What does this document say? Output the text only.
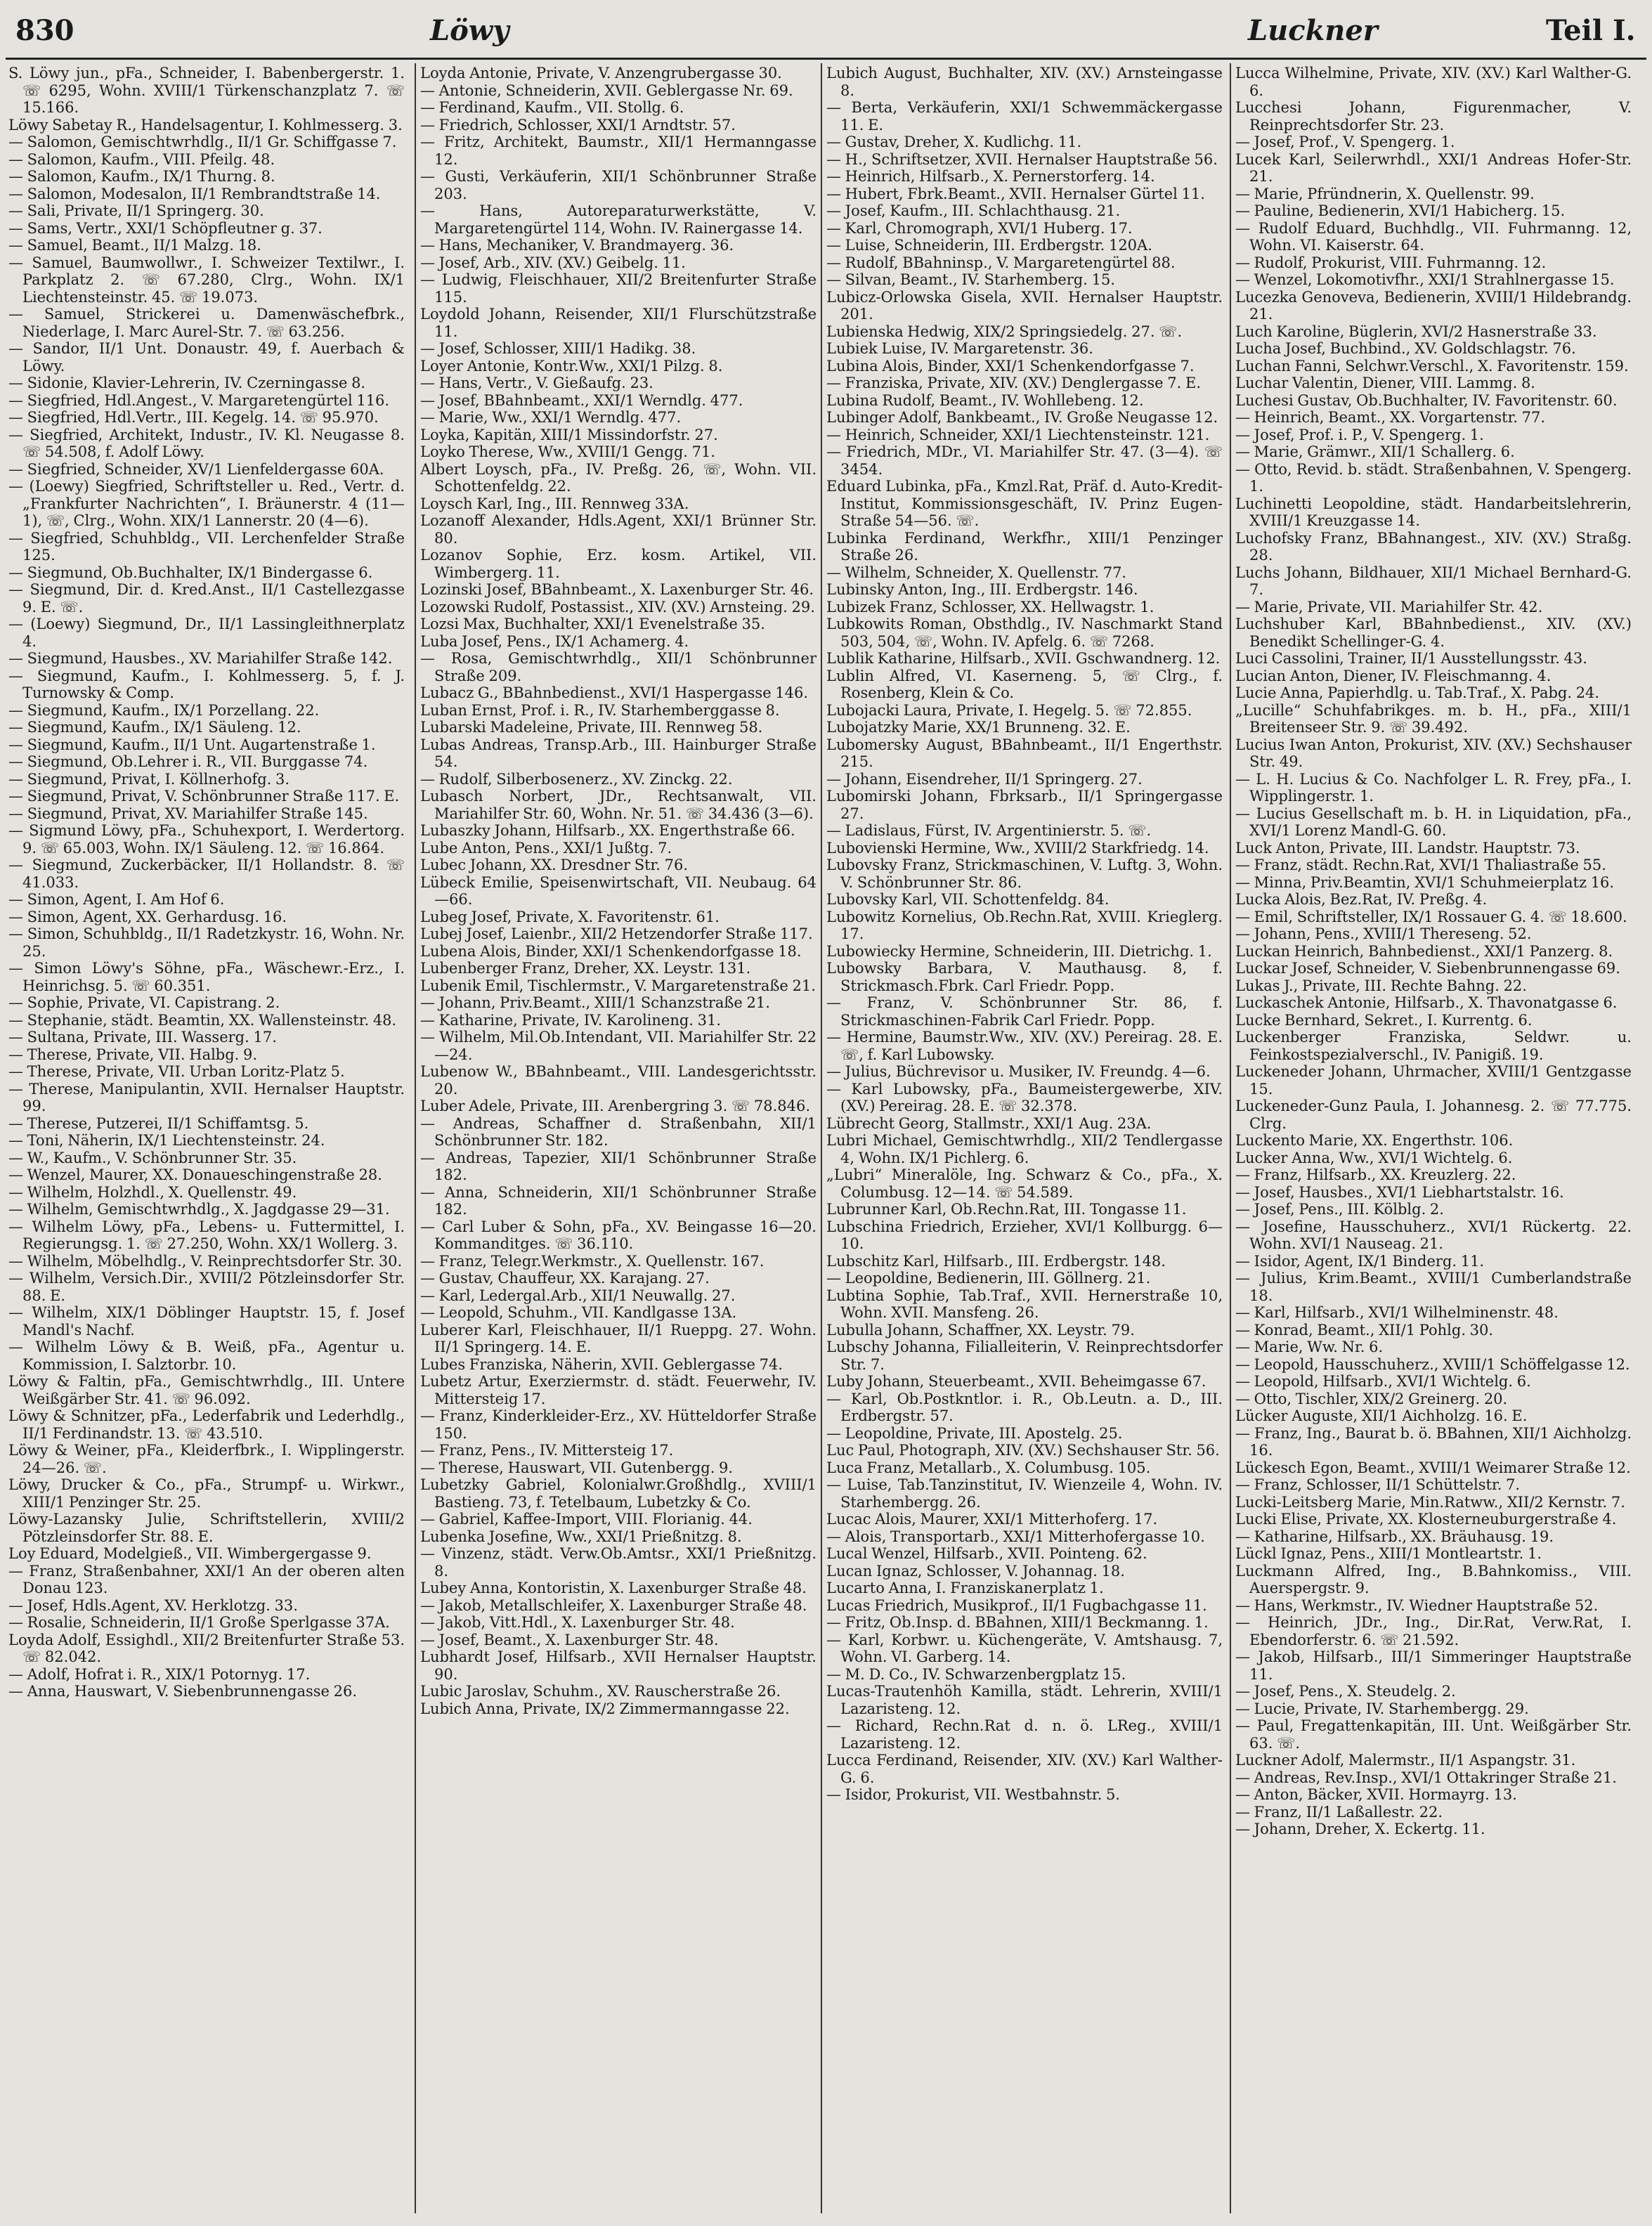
830	Löwy	Luckner	Teil I.

S. Löwy jun., pFa., Schneider, I. Babenbergerstr. 1. ☏ 6295, Wohn. XVIII/1 Türkenschanzplatz 7. ☏ 15.166.

Löwy Sabetay R., Handelsagentur, I. Kohlmesserg. 3.

— Salomon, Gemischtwrhdlg., II/1 Gr. Schiffgasse 7.

— Salomon, Kaufm., VIII. Pfeilg. 48.

— Salomon, Kaufm., IX/1 Thurng. 8.

— Salomon, Modesalon, II/1 Rembrandtstraße 14.

— Sali, Private, II/1 Springerg. 30.

— Sams, Vertr., XXI/1 Schöpfleutner g. 37.

— Samuel, Beamt., II/1 Malzg. 18.

— Samuel, Baumwollwr., I. Schweizer Textilwr., I. Parkplatz 2. ☏ 67.280, Clrg., Wohn. IX/1 Liechtensteinstr. 45. ☏ 19.073.

— Samuel, Strickerei u. Damenwäschefbrk., Niederlage, I. Marc Aurel-Str. 7. ☏ 63.256.

— Sandor, II/1 Unt. Donaustr. 49, f. Auerbach & Löwy.

— Sidonie, Klavier-Lehrerin, IV. Czerningasse 8.

— Siegfried, Hdl.Angest., V. Margaretengürtel 116.

— Siegfried, Hdl.Vertr., III. Kegelg. 14. ☏ 95.970.

— Siegfried, Architekt, Industr., IV. Kl. Neugasse 8. ☏ 54.508, f. Adolf Löwy.

— Siegfried, Schneider, XV/1 Lienfeldergasse 60A.

— (Loewy) Siegfried, Schriftsteller u. Red., Vertr. d. „Frankfurter Nachrichten“, I. Bräunerstr. 4 (11—1), ☏, Clrg., Wohn. XIX/1 Lannerstr. 20 (4—6).

— Siegfried, Schuhbldg., VII. Lerchenfelder Straße 125.

— Siegmund, Ob.Buchhalter, IX/1 Bindergasse 6.

— Siegmund, Dir. d. Kred.Anst., II/1 Castellezgasse 9. E. ☏.

— (Loewy) Siegmund, Dr., II/1 Lassingleithnerplatz 4.

— Siegmund, Hausbes., XV. Mariahilfer Straße 142.

— Siegmund, Kaufm., I. Kohlmesserg. 5, f. J. Turnowsky & Comp.

— Siegmund, Kaufm., IX/1 Porzellang. 22.

— Siegmund, Kaufm., IX/1 Säuleng. 12.

— Siegmund, Kaufm., II/1 Unt. Augartenstraße 1.

— Siegmund, Ob.Lehrer i. R., VII. Burggasse 74.

— Siegmund, Privat, I. Köllnerhofg. 3.

— Siegmund, Privat, V. Schönbrunner Straße 117. E.

— Siegmund, Privat, XV. Mariahilfer Straße 145.

— Sigmund Löwy, pFa., Schuhexport, I. Werdertorg. 9. ☏ 65.003, Wohn. IX/1 Säuleng. 12. ☏ 16.864.

— Siegmund, Zuckerbäcker, II/1 Hollandstr. 8. ☏ 41.033.

— Simon, Agent, I. Am Hof 6.

— Simon, Agent, XX. Gerhardusg. 16.

— Simon, Schuhbldg., II/1 Radetzkystr. 16, Wohn. Nr. 25.

— Simon Löwy's Söhne, pFa., Wäschewr.-Erz., I. Heinrichsg. 5. ☏ 60.351.

— Sophie, Private, VI. Capistrang. 2.

— Stephanie, städt. Beamtin, XX. Wallensteinstr. 48.

— Sultana, Private, III. Wasserg. 17.

— Therese, Private, VII. Halbg. 9.

— Therese, Private, VII. Urban Loritz-Platz 5.

— Therese, Manipulantin, XVII. Hernalser Hauptstr. 99.

— Therese, Putzerei, II/1 Schiffamtsg. 5.

— Toni, Näherin, IX/1 Liechtensteinstr. 24.

— W., Kaufm., V. Schönbrunner Str. 35.

— Wenzel, Maurer, XX. Donaueschingenstraße 28.

— Wilhelm, Holzhdl., X. Quellenstr. 49.

— Wilhelm, Gemischtwrhdlg., X. Jagdgasse 29—31.

— Wilhelm Löwy, pFa., Lebens- u. Futtermittel, I. Regierungsg. 1. ☏ 27.250, Wohn. XX/1 Wollerg. 3.

— Wilhelm, Möbelhdlg., V. Reinprechtsdorfer Str. 30.

— Wilhelm, Versich.Dir., XVIII/2 Pötzleinsdorfer Str. 88. E.

— Wilhelm, XIX/1 Döblinger Hauptstr. 15, f. Josef Mandl's Nachf.

— Wilhelm Löwy & B. Weiß, pFa., Agentur u. Kommission, I. Salztorbr. 10.

Löwy & Faltin, pFa., Gemischtwrhdlg., III. Untere Weißgärber Str. 41. ☏ 96.092.

Löwy & Schnitzer, pFa., Lederfabrik und Lederhdlg., II/1 Ferdinandstr. 13. ☏ 43.510.

Löwy & Weiner, pFa., Kleiderfbrk., I. Wipplingerstr. 24—26. ☏.

Löwy, Drucker & Co., pFa., Strumpf- u. Wirkwr., XIII/1 Penzinger Str. 25.

Löwy-Lazansky Julie, Schriftstellerin, XVIII/2 Pötzleinsdorfer Str. 88. E.

Loy Eduard, Modelgieß., VII. Wimbergergasse 9.

— Franz, Straßenbahner, XXI/1 An der oberen alten Donau 123.

— Josef, Hdls.Agent, XV. Herklotzg. 33.

— Rosalie, Schneiderin, II/1 Große Sperlgasse 37A.

Loyda Adolf, Essighdl., XII/2 Breitenfurter Straße 53. ☏ 82.042.

— Adolf, Hofrat i. R., XIX/1 Potornyg. 17.

— Anna, Hauswart, V. Siebenbrunnengasse 26.

Loyda Antonie, Private, V. Anzengrubergasse 30.

— Antonie, Schneiderin, XVII. Geblergasse Nr. 69.

— Ferdinand, Kaufm., VII. Stollg. 6.

— Friedrich, Schlosser, XXI/1 Arndtstr. 57.

— Fritz, Architekt, Baumstr., XII/1 Hermanngasse 12.

— Gusti, Verkäuferin, XII/1 Schönbrunner Straße 203.

— Hans, Autoreparaturwerkstätte, V. Margaretengürtel 114, Wohn. IV. Rainergasse 14.

— Hans, Mechaniker, V. Brandmayerg. 36.

— Josef, Arb., XIV. (XV.) Geibelg. 11.

— Ludwig, Fleischhauer, XII/2 Breitenfurter Straße 115.

Loydold Johann, Reisender, XII/1 Flurschützstraße 11.

— Josef, Schlosser, XIII/1 Hadikg. 38.

Loyer Antonie, Kontr.Ww., XXI/1 Pilzg. 8.

— Hans, Vertr., V. Gießaufg. 23.

— Josef, BBahnbeamt., XXI/1 Werndlg. 477.

— Marie, Ww., XXI/1 Werndlg. 477.

Loyka, Kapitän, XIII/1 Missindorfstr. 27.

Loyko Therese, Ww., XVIII/1 Gengg. 71.

Albert Loysch, pFa., IV. Preßg. 26, ☏, Wohn. VII. Schottenfeldg. 22.

Loysch Karl, Ing., III. Rennweg 33A.

Lozanoff Alexander, Hdls.Agent, XXI/1 Brünner Str. 80.

Lozanov Sophie, Erz. kosm. Artikel, VII. Wimbergerg. 11.

Lozinski Josef, BBahnbeamt., X. Laxenburger Str. 46.

Lozowski Rudolf, Postassist., XIV. (XV.) Arnsteing. 29.

Lozsi Max, Buchhalter, XXI/1 Evenelstraße 35.

Luba Josef, Pens., IX/1 Achamerg. 4.

— Rosa, Gemischtwrhdlg., XII/1 Schönbrunner Straße 209.

Lubacz G., BBahnbedienst., XVI/1 Haspergasse 146.

Luban Ernst, Prof. i. R., IV. Starhemberggasse 8.

Lubarski Madeleine, Private, III. Rennweg 58.

Lubas Andreas, Transp.Arb., III. Hainburger Straße 54.

— Rudolf, Silberbosenerz., XV. Zinckg. 22.

Lubasch Norbert, JDr., Rechtsanwalt, VII. Mariahilfer Str. 60, Wohn. Nr. 51. ☏ 34.436 (3—6).

Lubaszky Johann, Hilfsarb., XX. Engerthstraße 66.

Lube Anton, Pens., XXI/1 Jußtg. 7.

Lubec Johann, XX. Dresdner Str. 76.

Lübeck Emilie, Speisenwirtschaft, VII. Neubaug. 64—66.

Lubeg Josef, Private, X. Favoritenstr. 61.

Lubej Josef, Laienbr., XII/2 Hetzendorfer Straße 117.

Lubena Alois, Binder, XXI/1 Schenkendorfgasse 18.

Lubenberger Franz, Dreher, XX. Leystr. 131.

Lubenik Emil, Tischlermstr., V. Margaretenstraße 21.

— Johann, Priv.Beamt., XIII/1 Schanzstraße 21.

— Katharine, Private, IV. Karolineng. 31.

— Wilhelm, Mil.Ob.Intendant, VII. Mariahilfer Str. 22—24.

Lubenow W., BBahnbeamt., VIII. Landesgerichtsstr. 20.

Luber Adele, Private, III. Arenbergring 3. ☏ 78.846.

— Andreas, Schaffner d. Straßenbahn, XII/1 Schönbrunner Str. 182.

— Andreas, Tapezier, XII/1 Schönbrunner Straße 182.

— Anna, Schneiderin, XII/1 Schönbrunner Straße 182.

— Carl Luber & Sohn, pFa., XV. Beingasse 16—20. Kommanditges. ☏ 36.110.

— Franz, Telegr.Werkmstr., X. Quellenstr. 167.

— Gustav, Chauffeur, XX. Karajang. 27.

— Karl, Ledergal.Arb., XII/1 Neuwallg. 27.

— Leopold, Schuhm., VII. Kandlgasse 13A.

Luberer Karl, Fleischhauer, II/1 Rueppg. 27. Wohn. II/1 Springerg. 14. E.

Lubes Franziska, Näherin, XVII. Geblergasse 74.

Lubetz Artur, Exerziermstr. d. städt. Feuerwehr, IV. Mittersteig 17.

— Franz, Kinderkleider-Erz., XV. Hütteldorfer Straße 150.

— Franz, Pens., IV. Mittersteig 17.

— Therese, Hauswart, VII. Gutenbergg. 9.

Lubetzky Gabriel, Kolonialwr.Großhdlg., XVIII/1 Bastieng. 73, f. Tetelbaum, Lubetzky & Co.

— Gabriel, Kaffee-Import, VIII. Florianig. 44.

Lubenka Josefine, Ww., XXI/1 Prießnitzg. 8.

— Vinzenz, städt. Verw.Ob.Amtsr., XXI/1 Prießnitzg. 8.

Lubey Anna, Kontoristin, X. Laxenburger Straße 48.

— Jakob, Metallschleifer, X. Laxenburger Straße 48.

— Jakob, Vitt.Hdl., X. Laxenburger Str. 48.

— Josef, Beamt., X. Laxenburger Str. 48.

Lubhardt Josef, Hilfsarb., XVII Hernalser Hauptstr. 90.

Lubic Jaroslav, Schuhm., XV. Rauscherstraße 26.

Lubich Anna, Private, IX/2 Zimmermanngasse 22.

Lubich August, Buchhalter, XIV. (XV.) Arnsteingasse 8.

— Berta, Verkäuferin, XXI/1 Schwemmäckergasse 11. E.

— Gustav, Dreher, X. Kudlichg. 11.

— H., Schriftsetzer, XVII. Hernalser Hauptstraße 56.

— Heinrich, Hilfsarb., X. Pernerstorferg. 14.

— Hubert, Fbrk.Beamt., XVII. Hernalser Gürtel 11.

— Josef, Kaufm., III. Schlachthausg. 21.

— Karl, Chromograph, XVI/1 Huberg. 17.

— Luise, Schneiderin, III. Erdbergstr. 120A.

— Rudolf, BBahninsp., V. Margaretengürtel 88.

— Silvan, Beamt., IV. Starhemberg. 15.

Lubicz-Orlowska Gisela, XVII. Hernalser Hauptstr. 201.

Lubienska Hedwig, XIX/2 Springsiedelg. 27. ☏.

Lubiek Luise, IV. Margaretenstr. 36.

Lubina Alois, Binder, XXI/1 Schenkendorfgasse 7.

— Franziska, Private, XIV. (XV.) Denglergasse 7. E.

Lubina Rudolf, Beamt., IV. Wohllebeng. 12.

Lubinger Adolf, Bankbeamt., IV. Große Neugasse 12.

— Heinrich, Schneider, XXI/1 Liechtensteinstr. 121.

— Friedrich, MDr., VI. Mariahilfer Str. 47. (3—4). ☏ 3454.

Eduard Lubinka, pFa., Kmzl.Rat, Präf. d. Auto-Kredit-Institut, Kommissionsgeschäft, IV. Prinz Eugen-Straße 54—56. ☏.

Lubinka Ferdinand, Werkfhr., XIII/1 Penzinger Straße 26.

— Wilhelm, Schneider, X. Quellenstr. 77.

Lubinsky Anton, Ing., III. Erdbergstr. 146.

Lubizek Franz, Schlosser, XX. Hellwagstr. 1.

Lubkowits Roman, Obsthdlg., IV. Naschmarkt Stand 503, 504, ☏, Wohn. IV. Apfelg. 6. ☏ 7268.

Lublik Katharine, Hilfsarb., XVII. Gschwandnerg. 12.

Lublin Alfred, VI. Kaserneng. 5, ☏ Clrg., f. Rosenberg, Klein & Co.

Lubojacki Laura, Private, I. Hegelg. 5. ☏ 72.855.

Lubojatzky Marie, XX/1 Brunneng. 32. E.

Lubomersky August, BBahnbeamt., II/1 Engerthstr. 215.

— Johann, Eisendreher, II/1 Springerg. 27.

Lubomirski Johann, Fbrksarb., II/1 Springergasse 27.

— Ladislaus, Fürst, IV. Argentinierstr. 5. ☏.

Lubovienski Hermine, Ww., XVIII/2 Starkfriedg. 14.

Lubovsky Franz, Strickmaschinen, V. Luftg. 3, Wohn. V. Schönbrunner Str. 86.

Lubovsky Karl, VII. Schottenfeldg. 84.

Lubowitz Kornelius, Ob.Rechn.Rat, XVIII. Krieglerg. 17.

Lubowiecky Hermine, Schneiderin, III. Dietrichg. 1.

Lubowsky Barbara, V. Mauthausg. 8, f. Strickmasch.Fbrk. Carl Friedr. Popp.

— Franz, V. Schönbrunner Str. 86, f. Strickmaschinen-Fabrik Carl Friedr. Popp.

— Hermine, Baumstr.Ww., XIV. (XV.) Pereirag. 28. E. ☏, f. Karl Lubowsky.

— Julius, Büchrevisor u. Musiker, IV. Freundg. 4—6.

— Karl Lubowsky, pFa., Baumeistergewerbe, XIV. (XV.) Pereirag. 28. E. ☏ 32.378.

Lübrecht Georg, Stallmstr., XXI/1 Aug. 23A.

Lubri Michael, Gemischtwrhdlg., XII/2 Tendlergasse 4, Wohn. IX/1 Pichlerg. 6.

„Lubri“ Mineralöle, Ing. Schwarz & Co., pFa., X. Columbusg. 12—14. ☏ 54.589.

Lubrunner Karl, Ob.Rechn.Rat, III. Tongasse 11.

Lubschina Friedrich, Erzieher, XVI/1 Kollburgg. 6—10.

Lubschitz Karl, Hilfsarb., III. Erdbergstr. 148.

— Leopoldine, Bedienerin, III. Göllnerg. 21.

Lubtina Sophie, Tab.Traf., XVII. Hernerstraße 10, Wohn. XVII. Mansfeng. 26.

Lubulla Johann, Schaffner, XX. Leystr. 79.

Lubschy Johanna, Filialleiterin, V. Reinprechtsdorfer Str. 7.

Luby Johann, Steuerbeamt., XVII. Beheimgasse 67.

— Karl, Ob.Postkntlor. i. R., Ob.Leutn. a. D., III. Erdbergstr. 57.

— Leopoldine, Private, III. Apostelg. 25.

Luc Paul, Photograph, XIV. (XV.) Sechshauser Str. 56.

Luca Franz, Metallarb., X. Columbusg. 105.

— Luise, Tab.Tanzinstitut, IV. Wienzeile 4, Wohn. IV. Starhembergg. 26.

Lucac Alois, Maurer, XXI/1 Mitterhoferg. 17.

— Alois, Transportarb., XXI/1 Mitterhofergasse 10.

Lucal Wenzel, Hilfsarb., XVII. Pointeng. 62.

Lucan Ignaz, Schlosser, V. Johannag. 18.

Lucarto Anna, I. Franziskanerplatz 1.

Lucas Friedrich, Musikprof., II/1 Fugbachgasse 11.

— Fritz, Ob.Insp. d. BBahnen, XIII/1 Beckmanng. 1.

— Karl, Korbwr. u. Küchengeräte, V. Amtshausg. 7, Wohn. VI. Garberg. 14.

— M. D. Co., IV. Schwarzenbergplatz 15.

Lucas-Trautenhöh Kamilla, städt. Lehrerin, XVIII/1 Lazaristeng. 12.

— Richard, Rechn.Rat d. n. ö. LReg., XVIII/1 Lazaristeng. 12.

Lucca Ferdinand, Reisender, XIV. (XV.) Karl Walther-G. 6.

— Isidor, Prokurist, VII. Westbahnstr. 5.

Lucca Wilhelmine, Private, XIV. (XV.) Karl Walther-G. 6.

Lucchesi Johann, Figurenmacher, V. Reinprechtsdorfer Str. 23.

— Josef, Prof., V. Spengerg. 1.

Lucek Karl, Seilerwrhdl., XXI/1 Andreas Hofer-Str. 21.

— Marie, Pfründnerin, X. Quellenstr. 99.

— Pauline, Bedienerin, XVI/1 Habicherg. 15.

— Rudolf Eduard, Buchhdlg., VII. Fuhrmanng. 12, Wohn. VI. Kaiserstr. 64.

— Rudolf, Prokurist, VIII. Fuhrmanng. 12.

— Wenzel, Lokomotivfhr., XXI/1 Strahlnergasse 15.

Lucezka Genoveva, Bedienerin, XVIII/1 Hildebrandg. 21.

Luch Karoline, Büglerin, XVI/2 Hasnerstraße 33.

Lucha Josef, Buchbind., XV. Goldschlagstr. 76.

Luchan Fanni, Selchwr.Verschl., X. Favoritenstr. 159.

Luchar Valentin, Diener, VIII. Lammg. 8.

Luchesi Gustav, Ob.Buchhalter, IV. Favoritenstr. 60.

— Heinrich, Beamt., XX. Vorgartenstr. 77.

— Josef, Prof. i. P., V. Spengerg. 1.

— Marie, Grämwr., XII/1 Schallerg. 6.

— Otto, Revid. b. städt. Straßenbahnen, V. Spengerg. 1.

Luchinetti Leopoldine, städt. Handarbeitslehrerin, XVIII/1 Kreuzgasse 14.

Luchofsky Franz, BBahnangest., XIV. (XV.) Straßg. 28.

Luchs Johann, Bildhauer, XII/1 Michael Bernhard-G. 7.

— Marie, Private, VII. Mariahilfer Str. 42.

Luchshuber Karl, BBahnbedienst., XIV. (XV.) Benedikt Schellinger-G. 4.

Luci Cassolini, Trainer, II/1 Ausstellungsstr. 43.

Lucian Anton, Diener, IV. Fleischmanng. 4.

Lucie Anna, Papierhdlg. u. Tab.Traf., X. Pabg. 24.

„Lucille“ Schuhfabrikges. m. b. H., pFa., XIII/1 Breitenseer Str. 9. ☏ 39.492.

Lucius Iwan Anton, Prokurist, XIV. (XV.) Sechshauser Str. 49.

— L. H. Lucius & Co. Nachfolger L. R. Frey, pFa., I. Wipplingerstr. 1.

— Lucius Gesellschaft m. b. H. in Liquidation, pFa., XVI/1 Lorenz Mandl-G. 60.

Luck Anton, Private, III. Landstr. Hauptstr. 73.

— Franz, städt. Rechn.Rat, XVI/1 Thaliastraße 55.

— Minna, Priv.Beamtin, XVI/1 Schuhmeierplatz 16.

Lucka Alois, Bez.Rat, IV. Preßg. 4.

— Emil, Schriftsteller, IX/1 Rossauer G. 4. ☏ 18.600.

— Johann, Pens., XVIII/1 Thereseng. 52.

Luckan Heinrich, Bahnbedienst., XXI/1 Panzerg. 8.

Luckar Josef, Schneider, V. Siebenbrunnengasse 69.

Lukas J., Private, III. Rechte Bahng. 22.

Luckaschek Antonie, Hilfsarb., X. Thavonatgasse 6.

Lucke Bernhard, Sekret., I. Kurrentg. 6.

Luckenberger Franziska, Seldwr. u. Feinkostspezialverschl., IV. Panigiß. 19.

Luckeneder Johann, Uhrmacher, XVIII/1 Gentzgasse 15.

Luckeneder-Gunz Paula, I. Johannesg. 2. ☏ 77.775. Clrg.

Luckento Marie, XX. Engerthstr. 106.

Lucker Anna, Ww., XVI/1 Wichtelg. 6.

— Franz, Hilfsarb., XX. Kreuzlerg. 22.

— Josef, Hausbes., XVI/1 Liebhartstalstr. 16.

— Josef, Pens., III. Kölblg. 2.

— Josefine, Hausschuherz., XVI/1 Rückertg. 22. Wohn. XVI/1 Nauseag. 21.

— Isidor, Agent, IX/1 Binderg. 11.

— Julius, Krim.Beamt., XVIII/1 Cumberlandstraße 18.

— Karl, Hilfsarb., XVI/1 Wilhelminenstr. 48.

— Konrad, Beamt., XII/1 Pohlg. 30.

— Marie, Ww. Nr. 6.

— Leopold, Hausschuherz., XVIII/1 Schöffelgasse 12.

— Leopold, Hilfsarb., XVI/1 Wichtelg. 6.

— Otto, Tischler, XIX/2 Greinerg. 20.

Lücker Auguste, XII/1 Aichholzg. 16. E.

— Franz, Ing., Baurat b. ö. BBahnen, XII/1 Aichholzg. 16.

Lückesch Egon, Beamt., XVIII/1 Weimarer Straße 12.

— Franz, Schlosser, II/1 Schüttelstr. 7.

Lucki-Leitsberg Marie, Min.Ratww., XII/2 Kernstr. 7.

Lucki Elise, Private, XX. Klosterneuburgerstraße 4.

— Katharine, Hilfsarb., XX. Bräuhausg. 19.

Lückl Ignaz, Pens., XIII/1 Montleartstr. 1.

Luckmann Alfred, Ing., B.Bahnkomiss., VIII. Auerspergstr. 9.

— Hans, Werkmstr., IV. Wiedner Hauptstraße 52.

— Heinrich, JDr., Ing., Dir.Rat, Verw.Rat, I. Ebendorferstr. 6. ☏ 21.592.

— Jakob, Hilfsarb., III/1 Simmeringer Hauptstraße 11.

— Josef, Pens., X. Steudelg. 2.

— Lucie, Private, IV. Starhembergg. 29.

— Paul, Fregattenkapitän, III. Unt. Weißgärber Str. 63. ☏.

Luckner Adolf, Malermstr., II/1 Aspangstr. 31.

— Andreas, Rev.Insp., XVI/1 Ottakringer Straße 21.

— Anton, Bäcker, XVII. Hormayrg. 13.

— Franz, II/1 Laßallestr. 22.

— Johann, Dreher, X. Eckertg. 11.
